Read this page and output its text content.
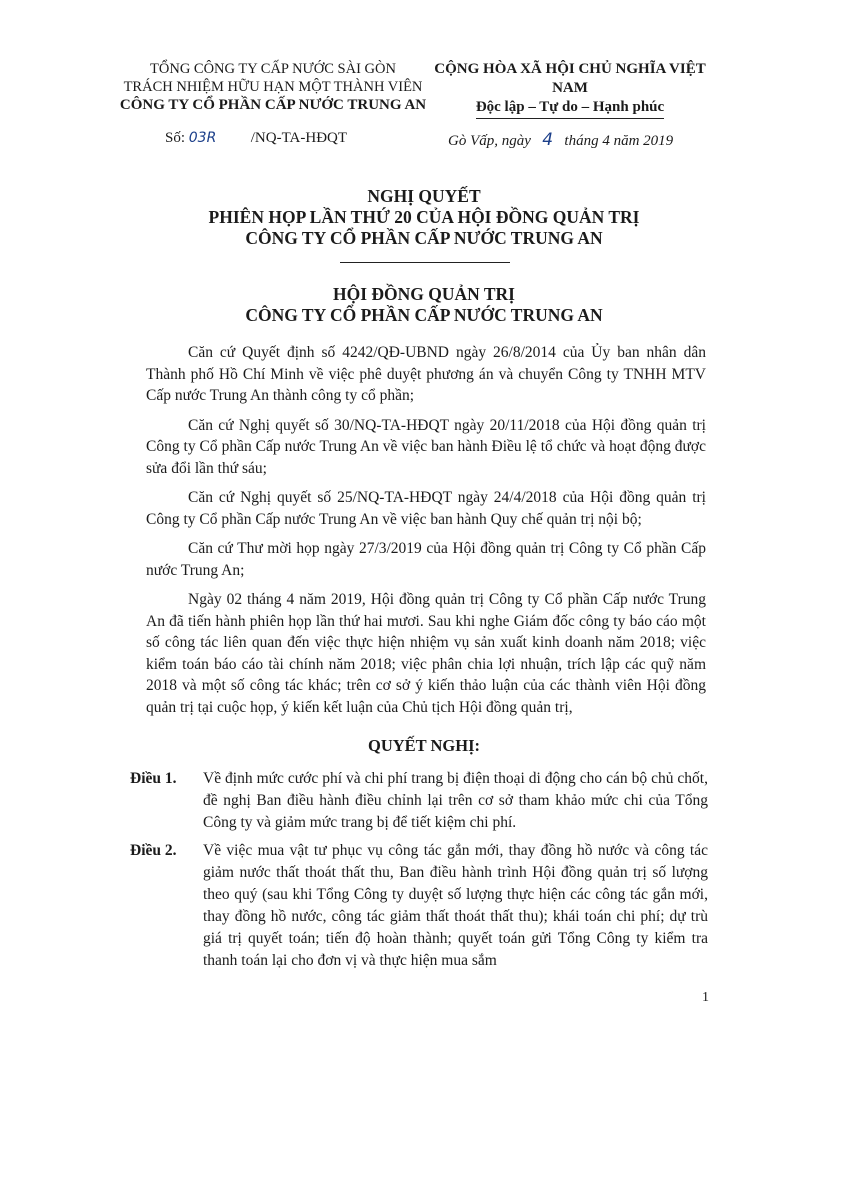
TỔNG CÔNG TY CẤP NƯỚC SÀI GÒN
TRÁCH NHIỆM HỮU HẠN MỘT THÀNH VIÊN
CÔNG TY CỔ PHẦN CẤP NƯỚC TRUNG AN
CỘNG HÒA XÃ HỘI CHỦ NGHĨA VIỆT NAM
Độc lập – Tự do – Hạnh phúc
Số: 03R /NQ-TA-HĐQT	Gò Vấp, ngày 4 tháng 4 năm 2019
NGHỊ QUYẾT
PHIÊN HỌP LẦN THỨ 20 CỦA HỘI ĐỒNG QUẢN TRỊ
CÔNG TY CỔ PHẦN CẤP NƯỚC TRUNG AN
HỘI ĐỒNG QUẢN TRỊ
CÔNG TY CỔ PHẦN CẤP NƯỚC TRUNG AN

Căn cứ Quyết định số 4242/QĐ-UBND ngày 26/8/2014 của Ủy ban nhân dân Thành phố Hồ Chí Minh về việc phê duyệt phương án và chuyển Công ty TNHH MTV Cấp nước Trung An thành công ty cổ phần;

Căn cứ Nghị quyết số 30/NQ-TA-HĐQT ngày 20/11/2018 của Hội đồng quản trị Công ty Cổ phần Cấp nước Trung An về việc ban hành Điều lệ tổ chức và hoạt động được sửa đổi lần thứ sáu;

Căn cứ Nghị quyết số 25/NQ-TA-HĐQT ngày 24/4/2018 của Hội đồng quản trị Công ty Cổ phần Cấp nước Trung An về việc ban hành Quy chế quản trị nội bộ;

Căn cứ Thư mời họp ngày 27/3/2019 của Hội đồng quản trị Công ty Cổ phần Cấp nước Trung An;

Ngày 02 tháng 4 năm 2019, Hội đồng quản trị Công ty Cổ phần Cấp nước Trung An đã tiến hành phiên họp lần thứ hai mươi. Sau khi nghe Giám đốc công ty báo cáo một số công tác liên quan đến việc thực hiện nhiệm vụ sản xuất kinh doanh năm 2018; việc kiểm toán báo cáo tài chính năm 2018; việc phân chia lợi nhuận, trích lập các quỹ năm 2018 và một số công tác khác; trên cơ sở ý kiến thảo luận của các thành viên Hội đồng quản trị tại cuộc họp, ý kiến kết luận của Chủ tịch Hội đồng quản trị,

QUYẾT NGHỊ:
Điều 1. Về định mức cước phí và chi phí trang bị điện thoại di động cho cán bộ chủ chốt, đề nghị Ban điều hành điều chỉnh lại trên cơ sở tham khảo mức chi của Tổng Công ty và giảm mức trang bị để tiết kiệm chi phí.
Điều 2. Về việc mua vật tư phục vụ công tác gắn mới, thay đồng hồ nước và công tác giảm nước thất thoát thất thu, Ban điều hành trình Hội đồng quản trị số lượng theo quý (sau khi Tổng Công ty duyệt số lượng thực hiện các công tác gắn mới, thay đồng hồ nước, công tác giảm thất thoát thất thu); khái toán chi phí; dự trù giá trị quyết toán; tiến độ hoàn thành; quyết toán gửi Tổng Công ty kiểm tra thanh toán lại cho đơn vị và thực hiện mua sắm
1
